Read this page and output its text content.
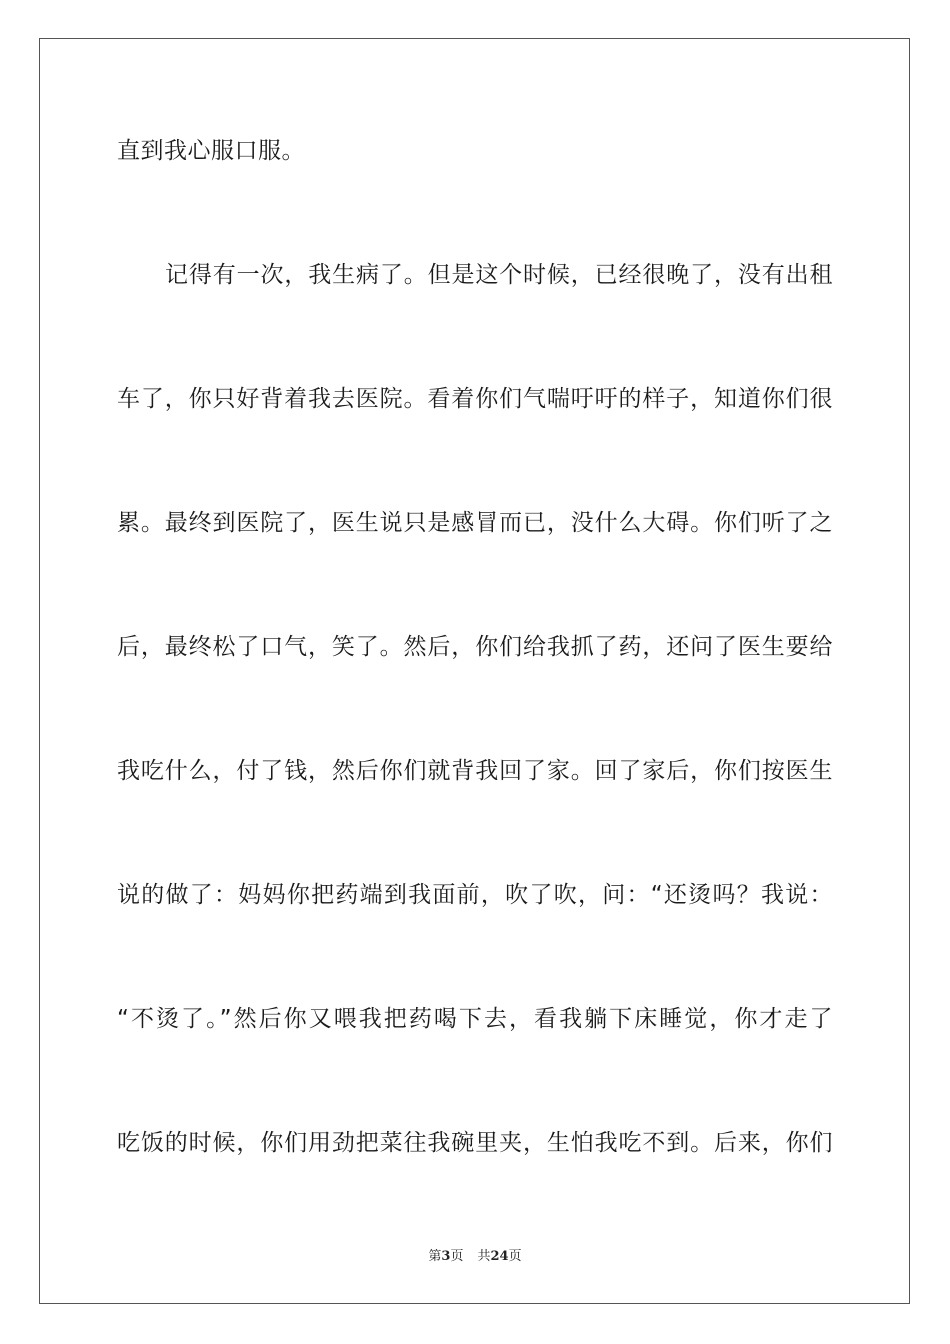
直到我心服口服。
记得有一次，我生病了。但是这个时候，已经很晚了，没有出租
车了，你只好背着我去医院。看着你们气喘吁吁的样子，知道你们很
累。最终到医院了，医生说只是感冒而已，没什么大碍。你们听了之
后，最终松了口气，笑了。然后，你们给我抓了药，还问了医生要给
我吃什么，付了钱，然后你们就背我回了家。回了家后，你们按医生
说的做了：妈妈你把药端到我面前，吹了吹，问：“还烫吗？我说：
“不烫了。”然后你又喂我把药喝下去，看我躺下床睡觉，你才走了
吃饭的时候，你们用劲把菜往我碗里夹，生怕我吃不到。后来，你们
第3页 共24页
